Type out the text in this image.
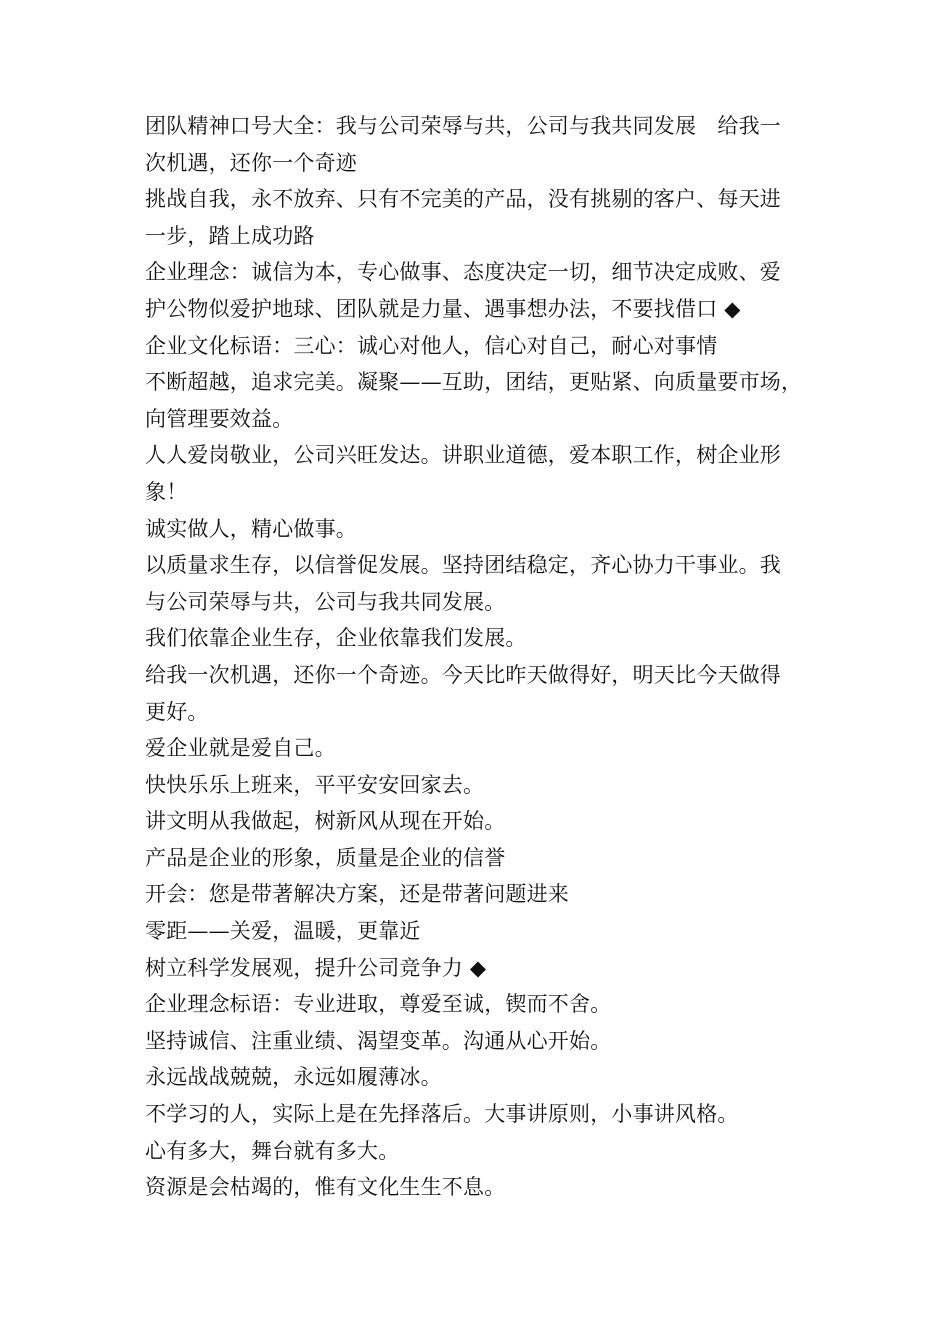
团队精神口号大全：我与公司荣辱与共，公司与我共同发展　给我一
次机遇，还你一个奇迹
挑战自我，永不放弃、只有不完美的产品，没有挑剔的客户、每天进
一步，踏上成功路
企业理念：诚信为本，专心做事、态度决定一切，细节决定成败、爱
护公物似爱护地球、团队就是力量、遇事想办法，不要找借口 ◆
企业文化标语：三心：诚心对他人，信心对自己，耐心对事情
不断超越，追求完美。凝聚——互助，团结，更贴紧、向质量要市场，
向管理要效益。
人人爱岗敬业，公司兴旺发达。讲职业道德，爱本职工作，树企业形
象！
诚实做人，精心做事。
以质量求生存，以信誉促发展。坚持团结稳定，齐心协力干事业。我
与公司荣辱与共，公司与我共同发展。
我们依靠企业生存，企业依靠我们发展。
给我一次机遇，还你一个奇迹。今天比昨天做得好，明天比今天做得
更好。
爱企业就是爱自己。
快快乐乐上班来，平平安安回家去。
讲文明从我做起，树新风从现在开始。
产品是企业的形象，质量是企业的信誉
开会：您是带著解决方案，还是带著问题进来
零距——关爱，温暖，更靠近
树立科学发展观，提升公司竞争力 ◆
企业理念标语：专业进取，尊爱至诚，锲而不舍。
坚持诚信、注重业绩、渴望变革。沟通从心开始。
永远战战兢兢，永远如履薄冰。
不学习的人，实际上是在先择落后。大事讲原则，小事讲风格。
心有多大，舞台就有多大。
资源是会枯竭的，惟有文化生生不息。
